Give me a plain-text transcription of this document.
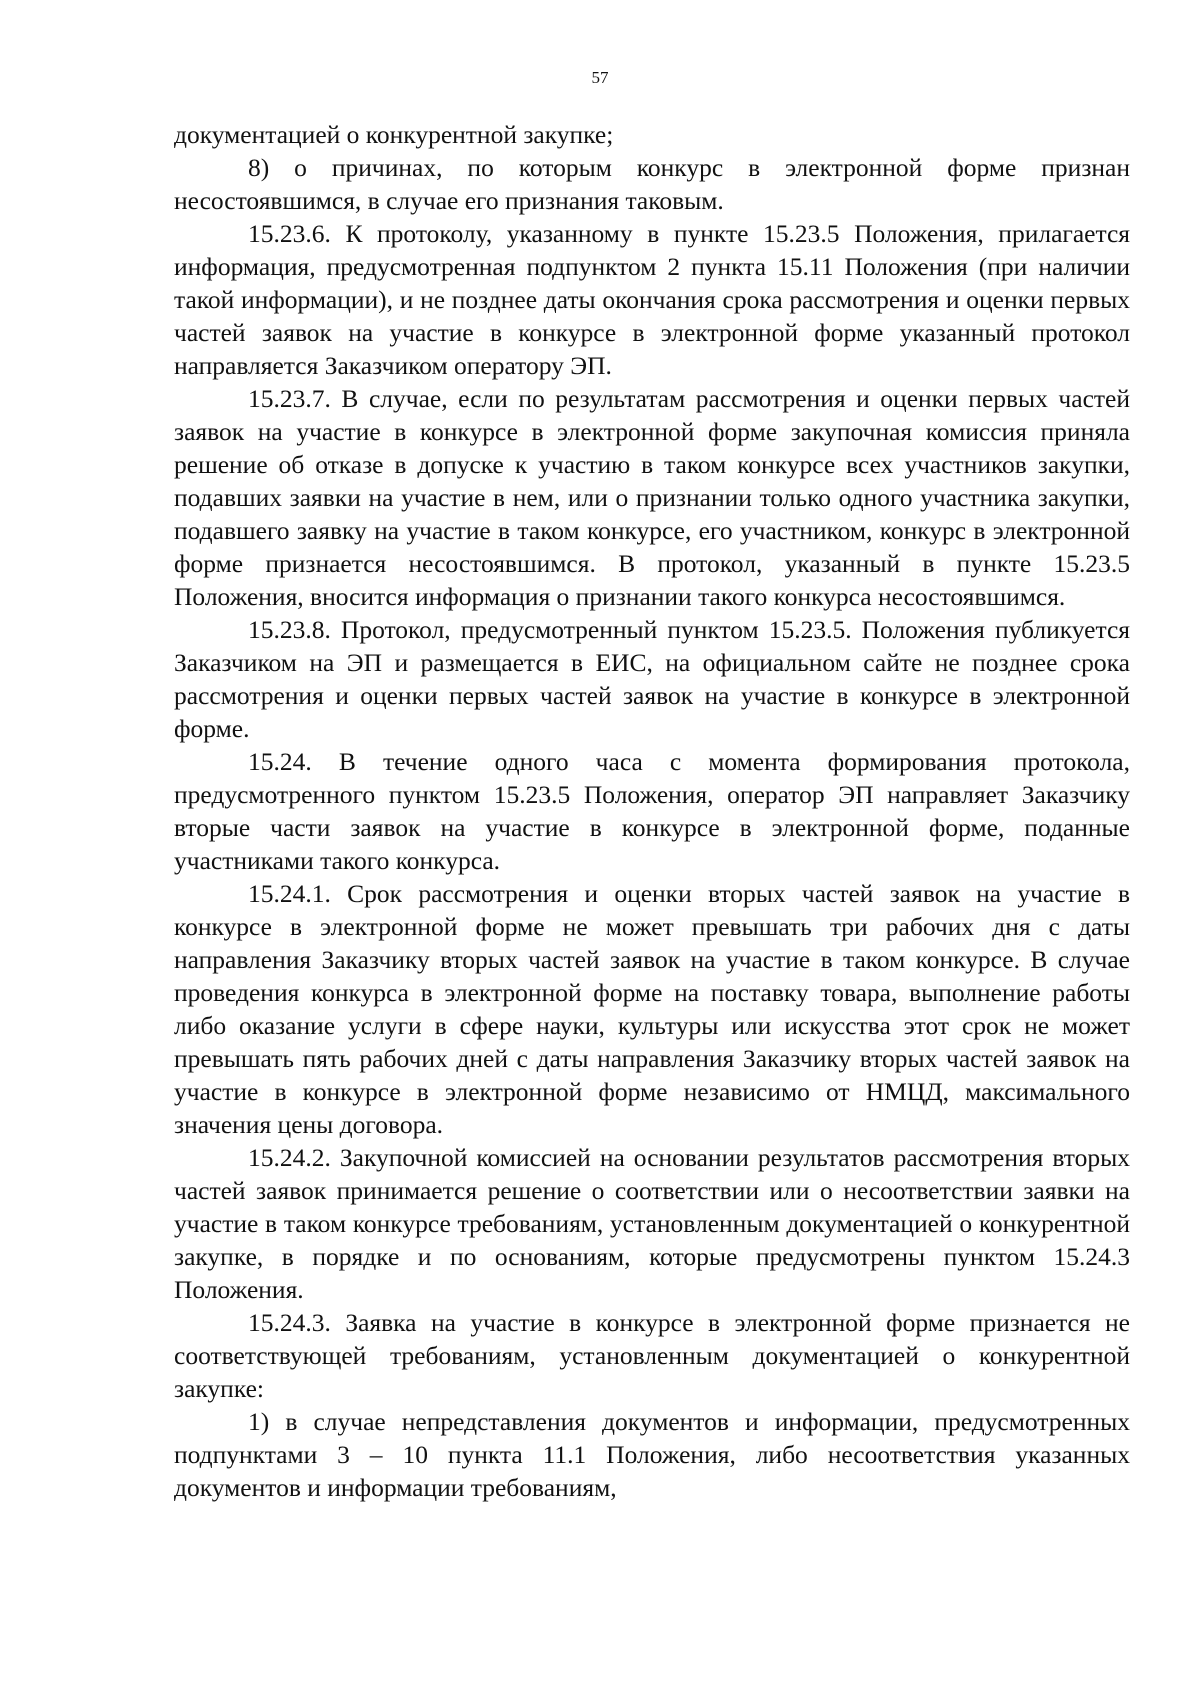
57

документацией о конкурентной закупке;

8) о причинах, по которым конкурс в электронной форме признан несостоявшимся, в случае его признания таковым.

15.23.6. К протоколу, указанному в пункте 15.23.5 Положения, прилагается информация, предусмотренная подпунктом 2 пункта 15.11 Положения (при наличии такой информации), и не позднее даты окончания срока рассмотрения и оценки первых частей заявок на участие в конкурсе в электронной форме указанный протокол направляется Заказчиком оператору ЭП.

15.23.7. В случае, если по результатам рассмотрения и оценки первых частей заявок на участие в конкурсе в электронной форме закупочная комиссия приняла решение об отказе в допуске к участию в таком конкурсе всех участников закупки, подавших заявки на участие в нем, или о признании только одного участника закупки, подавшего заявку на участие в таком конкурсе, его участником, конкурс в электронной форме признается несостоявшимся. В протокол, указанный в пункте 15.23.5 Положения, вносится информация о признании такого конкурса несостоявшимся.

15.23.8. Протокол, предусмотренный пунктом 15.23.5. Положения публикуется Заказчиком на ЭП и размещается в ЕИС, на официальном сайте не позднее срока рассмотрения и оценки первых частей заявок на участие в конкурсе в электронной форме.

15.24. В течение одного часа с момента формирования протокола, предусмотренного пунктом 15.23.5 Положения, оператор ЭП направляет Заказчику вторые части заявок на участие в конкурсе в электронной форме, поданные участниками такого конкурса.

15.24.1. Срок рассмотрения и оценки вторых частей заявок на участие в конкурсе в электронной форме не может превышать три рабочих дня с даты направления Заказчику вторых частей заявок на участие в таком конкурсе. В случае проведения конкурса в электронной форме на поставку товара, выполнение работы либо оказание услуги в сфере науки, культуры или искусства этот срок не может превышать пять рабочих дней с даты направления Заказчику вторых частей заявок на участие в конкурсе в электронной форме независимо от НМЦД, максимального значения цены договора.

15.24.2. Закупочной комиссией на основании результатов рассмотрения вторых частей заявок принимается решение о соответствии или о несоответствии заявки на участие в таком конкурсе требованиям, установленным документацией о конкурентной закупке, в порядке и по основаниям, которые предусмотрены пунктом 15.24.3 Положения.

15.24.3. Заявка на участие в конкурсе в электронной форме признается не соответствующей требованиям, установленным документацией о конкурентной закупке:

1) в случае непредставления документов и информации, предусмотренных подпунктами 3 – 10 пункта 11.1 Положения, либо несоответствия указанных документов и информации требованиям,
